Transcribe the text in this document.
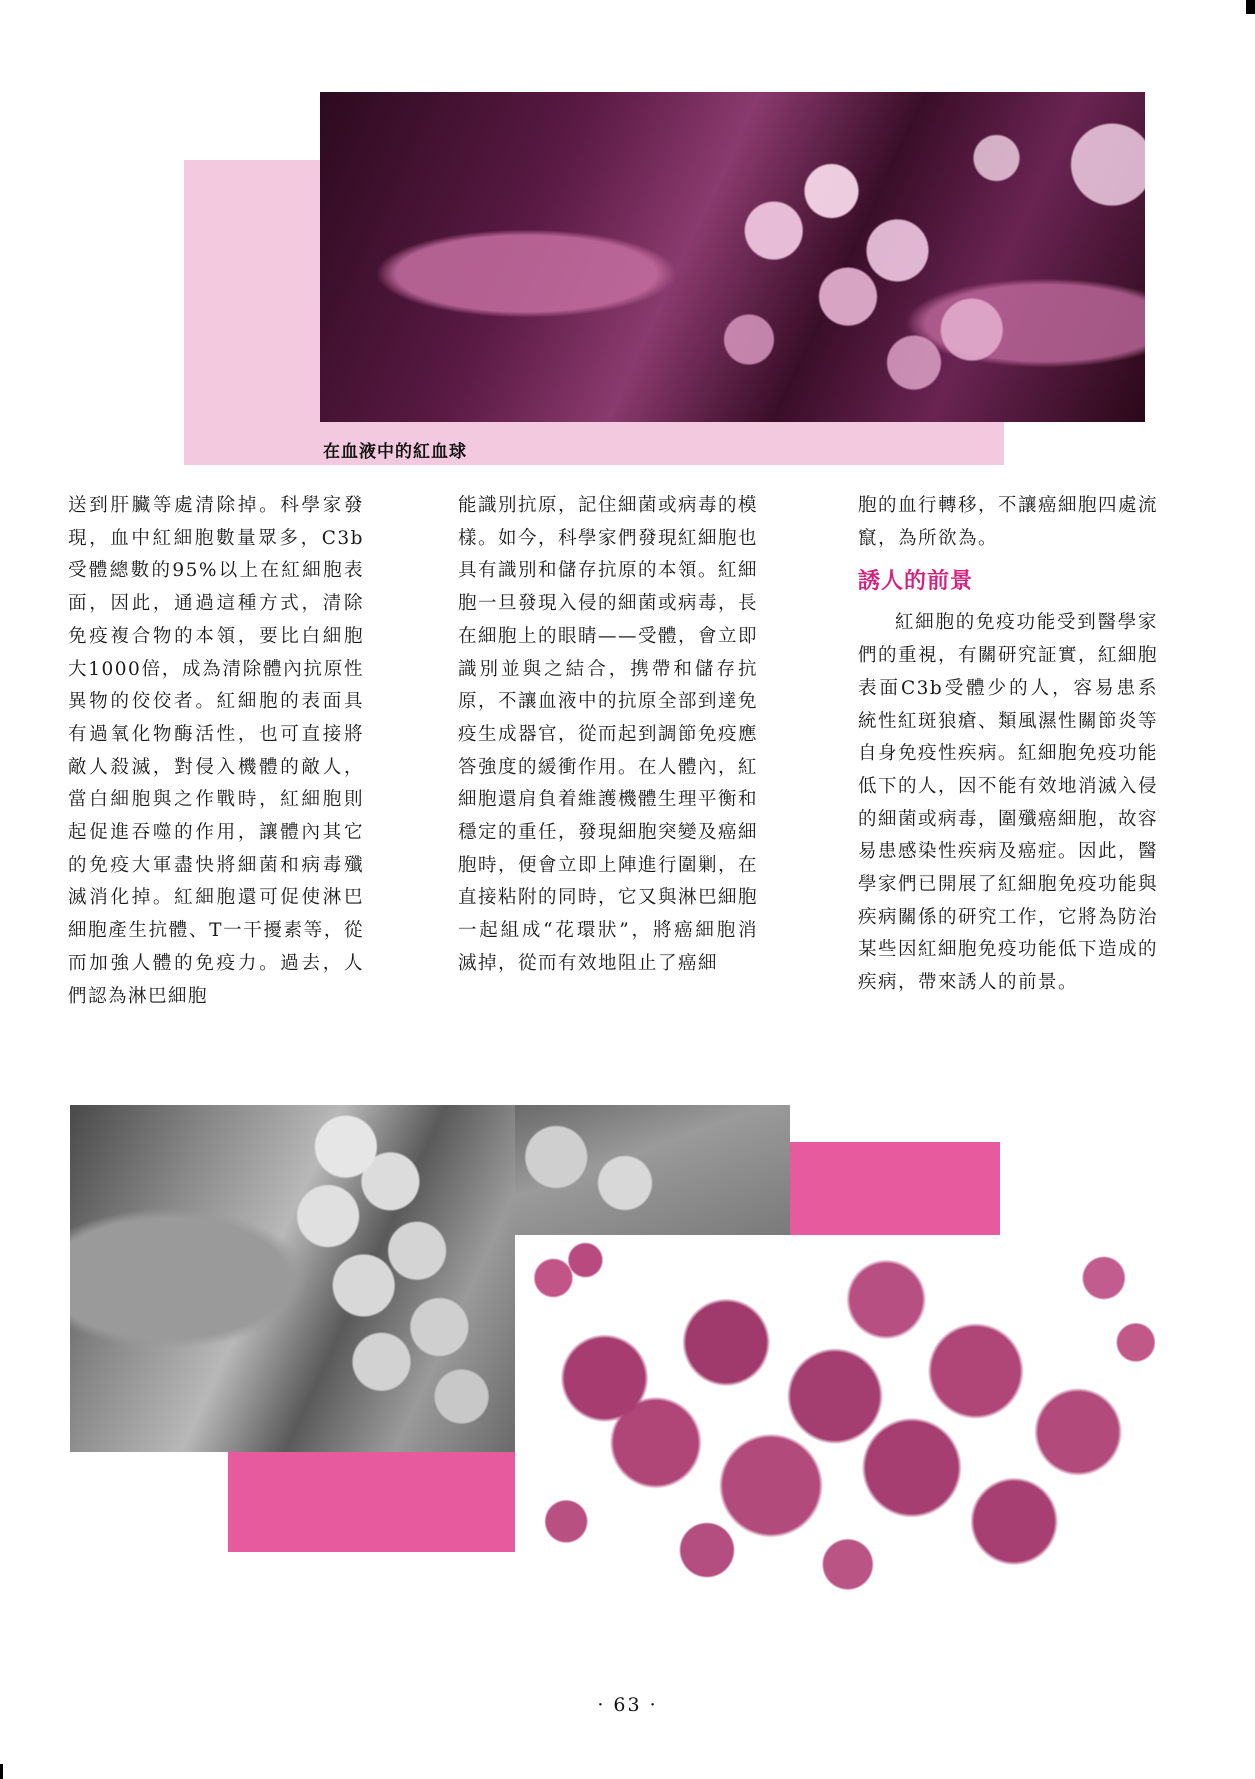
在血液中的紅血球

送到肝臟等處清除掉。科學家發現，血中紅細胞數量眾多，C3b受體總數的95%以上在紅細胞表面，因此，通過這種方式，清除免疫複合物的本領，要比白細胞大1000倍，成為清除體內抗原性異物的佼佼者。紅細胞的表面具有過氧化物酶活性，也可直接將敵人殺滅，對侵入機體的敵人，當白細胞與之作戰時，紅細胞則起促進吞噬的作用，讓體內其它的免疫大軍盡快將細菌和病毒殲滅消化掉。紅細胞還可促使淋巴細胞產生抗體、T一干擾素等，從而加強人體的免疫力。過去，人們認為淋巴細胞

能識別抗原，記住細菌或病毒的模樣。如今，科學家們發現紅細胞也具有識別和儲存抗原的本領。紅細胞一旦發現入侵的細菌或病毒，長在細胞上的眼睛——受體，會立即識別並與之結合，携帶和儲存抗原，不讓血液中的抗原全部到達免疫生成器官，從而起到調節免疫應答強度的緩衝作用。在人體內，紅細胞還肩負着維護機體生理平衡和穩定的重任，發現細胞突變及癌細胞時，便會立即上陣進行圍剿，在直接粘附的同時，它又與淋巴細胞一起組成“花環狀”，將癌細胞消滅掉，從而有效地阻止了癌細

胞的血行轉移，不讓癌細胞四處流竄，為所欲為。

誘人的前景

紅細胞的免疫功能受到醫學家們的重視，有關研究証實，紅細胞表面C3b受體少的人，容易患系統性紅斑狼瘡、類風濕性關節炎等自身免疫性疾病。紅細胞免疫功能低下的人，因不能有效地消滅入侵的細菌或病毒，圍殲癌細胞，故容易患感染性疾病及癌症。因此，醫學家們已開展了紅細胞免疫功能與疾病關係的研究工作，它將為防治某些因紅細胞免疫功能低下造成的疾病，帶來誘人的前景。

· 63 ·
